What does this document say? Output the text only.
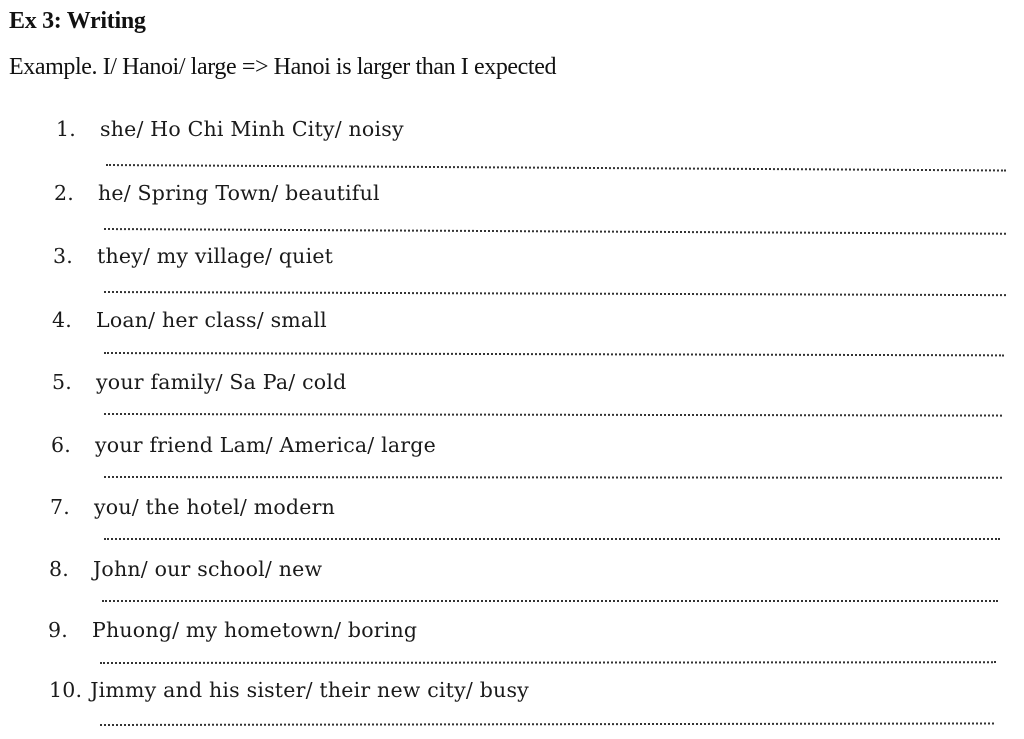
Ex 3: Writing
Example. I/ Hanoi/ large => Hanoi is larger than I expected
1. she/ Ho Chi Minh City/ noisy
2. he/ Spring Town/ beautiful
3. they/ my village/ quiet
4. Loan/ her class/ small
5. your family/ Sa Pa/ cold
6. your friend Lam/ America/ large
7. you/ the hotel/ modern
8. John/ our school/ new
9. Phuong/ my hometown/ boring
10. Jimmy and his sister/ their new city/ busy
